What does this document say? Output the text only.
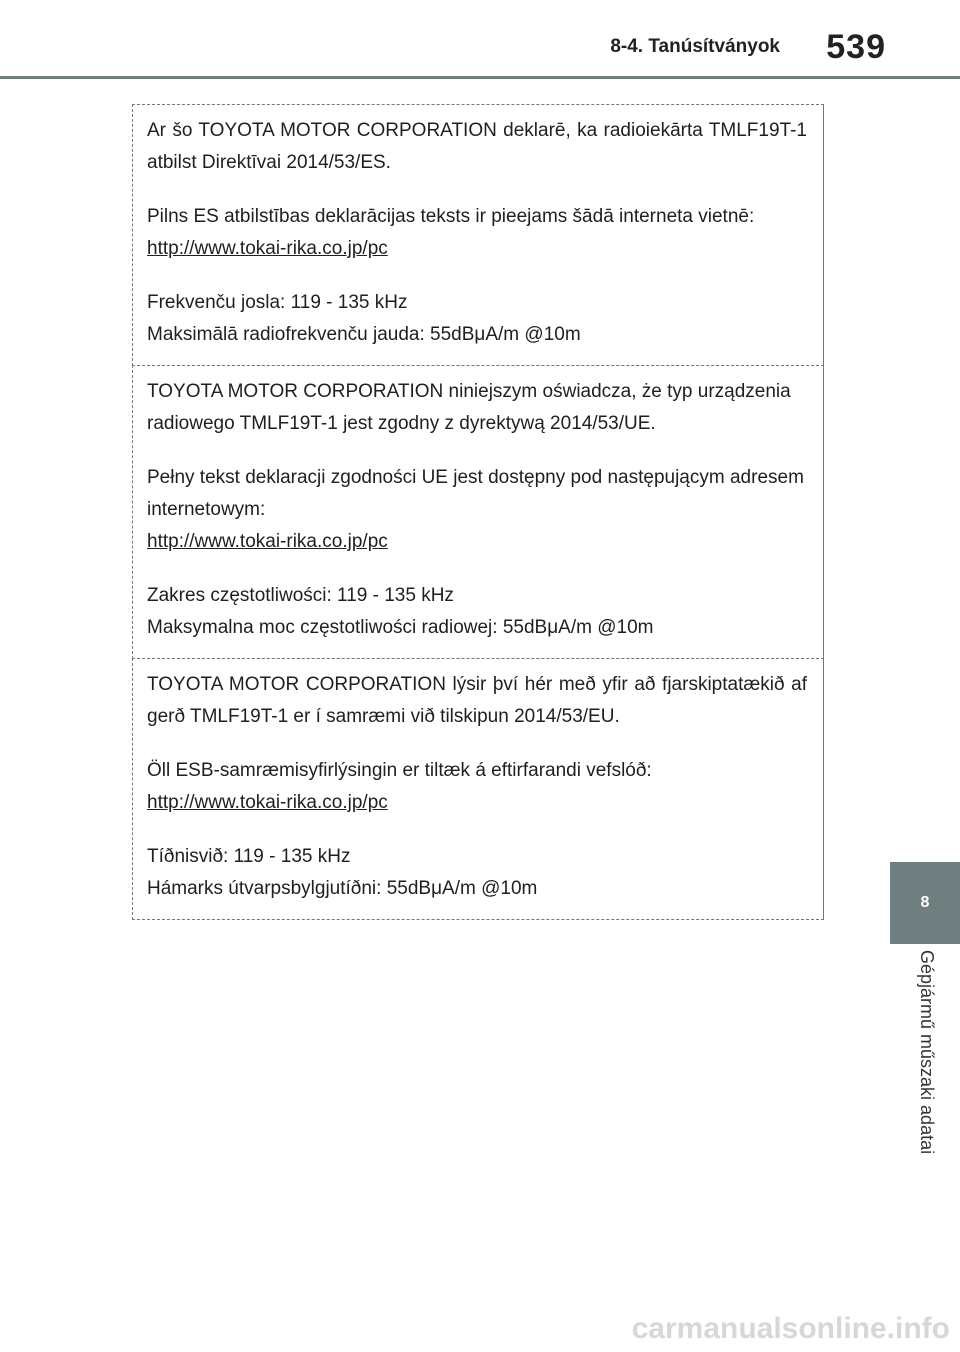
8-4. Tanúsítványok 539

Ar šo TOYOTA MOTOR CORPORATION deklarē, ka radioiekārta TMLF19T-1 atbilst Direktīvai 2014/53/ES.

Pilns ES atbilstības deklarācijas teksts ir pieejams šādā interneta vietnē:

http://www.tokai-rika.co.jp/pc

Frekvenču josla: 119 - 135 kHz

Maksimālā radiofrekvenču jauda: 55dBμA/m @10m

TOYOTA MOTOR CORPORATION niniejszym oświadcza, że typ urządzenia radiowego TMLF19T-1 jest zgodny z dyrektywą 2014/53/UE.

Pełny tekst deklaracji zgodności UE jest dostępny pod następującym adresem internetowym:

http://www.tokai-rika.co.jp/pc

Zakres częstotliwości: 119 - 135 kHz

Maksymalna moc częstotliwości radiowej: 55dBμA/m @10m

TOYOTA MOTOR CORPORATION lýsir því hér með yfir að fjarskiptatækið af gerð TMLF19T-1 er í samræmi við tilskipun 2014/53/EU.

Öll ESB-samræmisyfirlýsingin er tiltæk á eftirfarandi vefslóð:

http://www.tokai-rika.co.jp/pc

Tíðnisvið: 119 - 135 kHz

Hámarks útvarpsbylgjutíðni: 55dBμA/m @10m

8
Gépjármű műszaki adatai
carmanualsonline.info
